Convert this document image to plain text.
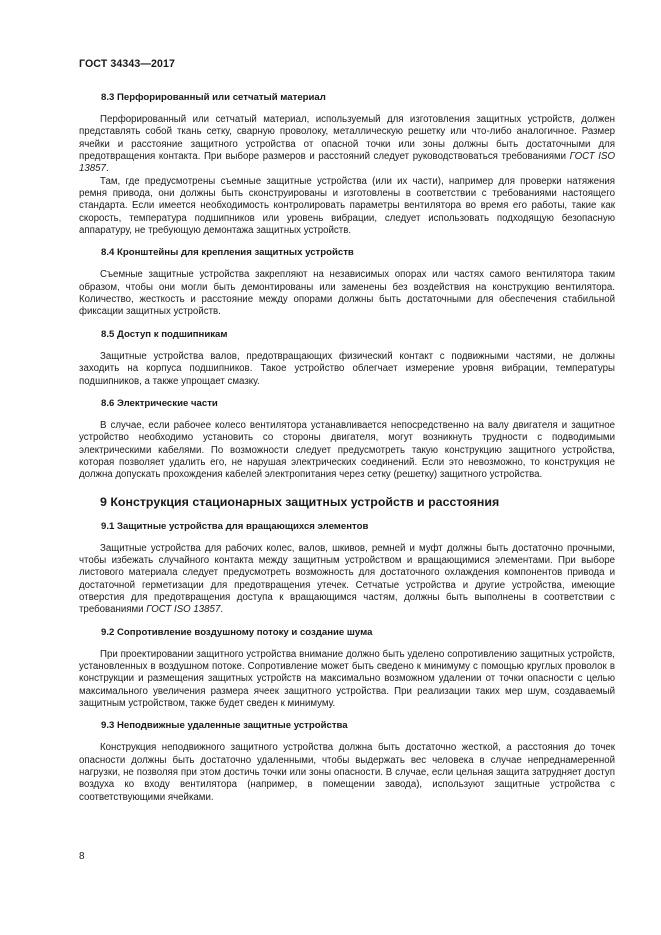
ГОСТ 34343—2017
8.3 Перфорированный или сетчатый материал

Перфорированный или сетчатый материал, используемый для изготовления защитных устройств, должен представлять собой ткань сетку, сварную проволоку, металлическую решетку или что-либо аналогичное. Размер ячейки и расстояние защитного устройства от опасной точки или зоны должны быть достаточными для предотвращения контакта. При выборе размеров и расстояний следует руководствоваться требованиями ГОСТ ISO 13857.

Там, где предусмотрены съемные защитные устройства (или их части), например для проверки натяжения ремня привода, они должны быть сконструированы и изготовлены в соответствии с требованиями настоящего стандарта. Если имеется необходимость контролировать параметры вентилятора во время его работы, такие как скорость, температура подшипников или уровень вибрации, следует использовать подходящую безопасную аппаратуру, не требующую демонтажа защитных устройств.

8.4 Кронштейны для крепления защитных устройств

Съемные защитные устройства закрепляют на независимых опорах или частях самого вентилятора таким образом, чтобы они могли быть демонтированы или заменены без воздействия на конструкцию вентилятора. Количество, жесткость и расстояние между опорами должны быть достаточными для обеспечения стабильной фиксации защитных устройств.

8.5 Доступ к подшипникам

Защитные устройства валов, предотвращающих физический контакт с подвижными частями, не должны заходить на корпуса подшипников. Такое устройство облегчает измерение уровня вибрации, температуры подшипников, а также упрощает смазку.

8.6 Электрические части

В случае, если рабочее колесо вентилятора устанавливается непосредственно на валу двигателя и защитное устройство необходимо установить со стороны двигателя, могут возникнуть трудности с подводимыми электрическими кабелями. По возможности следует предусмотреть такую конструкцию защитного устройства, которая позволяет удалить его, не нарушая электрических соединений. Если это невозможно, то конструкция не должна допускать прохождения кабелей электропитания через сетку (решетку) защитного устройства.

9 Конструкция стационарных защитных устройств и расстояния
9.1 Защитные устройства для вращающихся элементов

Защитные устройства для рабочих колес, валов, шкивов, ремней и муфт должны быть достаточно прочными, чтобы избежать случайного контакта между защитным устройством и вращающимися элементами. При выборе листового материала следует предусмотреть возможность для достаточного охлаждения компонентов привода и достаточной герметизации для предотвращения утечек. Сетчатые устройства и другие устройства, имеющие отверстия для предотвращения доступа к вращающимся частям, должны быть выполнены в соответствии с требованиями ГОСТ ISO 13857.

9.2 Сопротивление воздушному потоку и создание шума

При проектировании защитного устройства внимание должно быть уделено сопротивлению защитных устройств, установленных в воздушном потоке. Сопротивление может быть сведено к минимуму с помощью круглых проволок в конструкции и размещения защитных устройств на максимально возможном удалении от точки опасности с целью максимального увеличения размера ячеек защитного устройства. При реализации таких мер шум, создаваемый защитным устройством, также будет сведен к минимуму.

9.3 Неподвижные удаленные защитные устройства

Конструкция неподвижного защитного устройства должна быть достаточно жесткой, а расстояния до точек опасности должны быть достаточно удаленными, чтобы выдержать вес человека в случае непреднамеренной нагрузки, не позволяя при этом достичь точки или зоны опасности. В случае, если цельная защита затрудняет доступ воздуха ко входу вентилятора (например, в помещении завода), используют защитные устройства с соответствующими ячейками.

8
